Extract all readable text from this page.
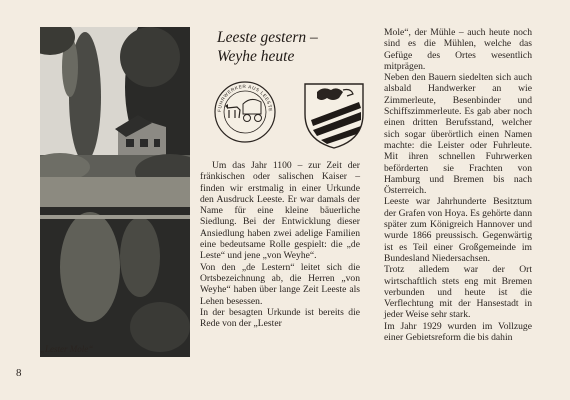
„Lester Mole“
8
Leeste gestern –
Weyhe heute
FUHRWERKER AUS LEESTE

Um das Jahr 1100 – zur Zeit der fränkischen oder salischen Kaiser – finden wir erstmalig in einer Urkunde den Ausdruck Leeste. Er war damals der Name für eine kleine bäuerliche Siedlung. Bei der Entwicklung dieser Ansiedlung haben zwei adelige Familien eine bedeutsame Rolle gespielt: die „de Leste“ und jene „von Weyhe“.

Von den „de Lestern“ leitet sich die Ortsbezeichnung ab, die Herren „von Weyhe“ haben über lange Zeit Leeste als Lehen besessen.

In der besagten Urkunde ist bereits die Rede von der „Lester

Mole“, der Mühle – auch heute noch sind es die Mühlen, welche das Gefüge des Ortes wesentlich mitprägen.

Neben den Bauern siedelten sich auch alsbald Handwerker an wie Zimmerleute, Besenbinder und Schiffszimmerleute. Es gab aber noch einen dritten Berufsstand, welcher sich sogar überörtlich einen Namen machte: die Leister oder Fuhrleute. Mit ihren schnellen Fuhrwerken beförderten sie Frachten von Hamburg und Bremen bis nach Österreich.

Leeste war Jahrhunderte Besitztum der Grafen von Hoya. Es gehörte dann später zum Königreich Hannover und wurde 1866 preussisch. Gegenwärtig ist es Teil einer Großgemeinde im Bundesland Niedersachsen.

Trotz alledem war der Ort wirtschaftlich stets eng mit Bremen verbunden und heute ist die Verflechtung mit der Hansestadt in jeder Weise sehr stark.

Im Jahr 1929 wurden im Vollzuge einer Gebietsreform die bis dahin
